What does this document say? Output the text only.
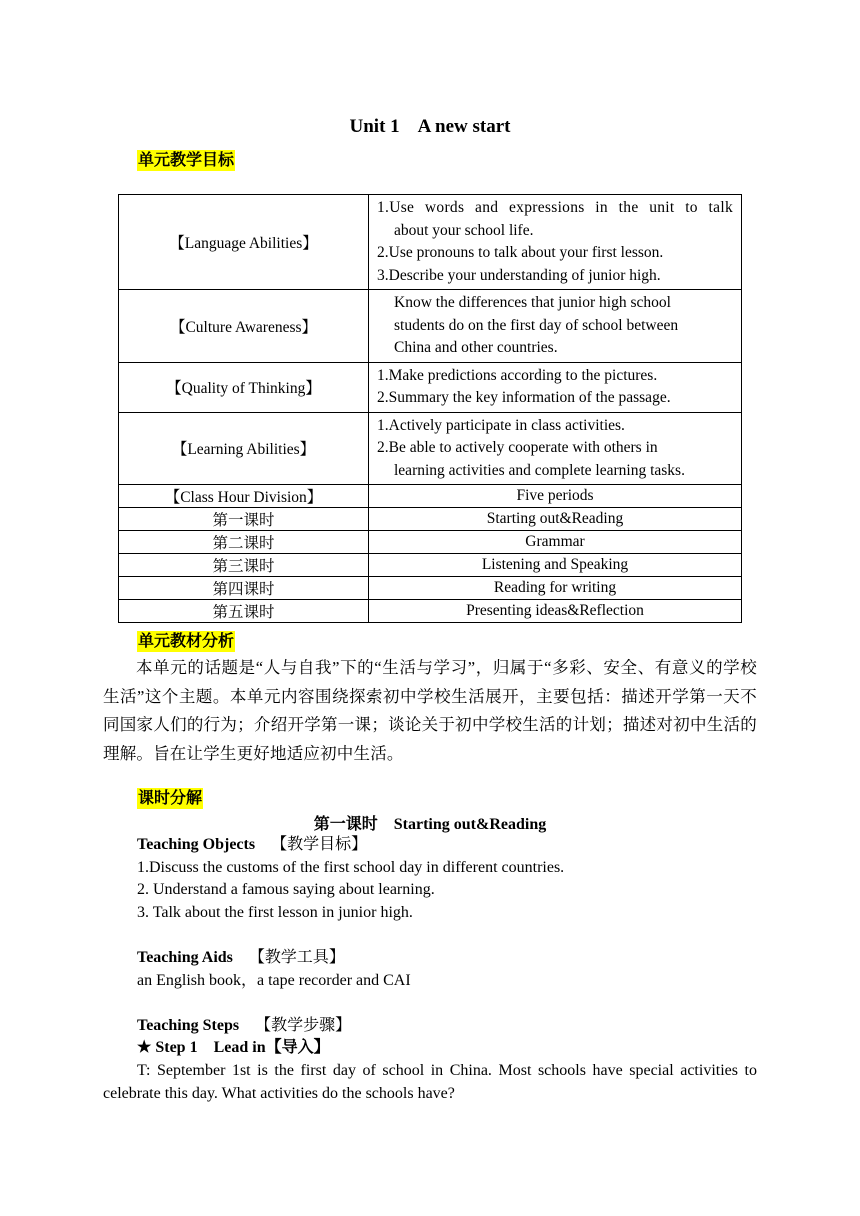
Unit 1    A new start
单元教学目标
【Language Abilities】	1.Use words and expressions in the unit to talk
about your school life.
2.Use pronouns to talk about your first lesson.
3.Describe your understanding of junior high.

【Culture Awareness】	Know the differences that junior high school
students do on the first day of school between
China and other countries.

【Quality of Thinking】	1.Make predictions according to the pictures.
2.Summary the key information of the passage.

【Learning Abilities】	1.Actively participate in class activities.
2.Be able to actively cooperate with others in
learning activities and complete learning tasks.

【Class Hour Division】	Five periods
第一课时	Starting out&Reading
第二课时	Grammar
第三课时	Listening and Speaking
第四课时	Reading for writing
第五课时	Presenting ideas&Reflection
单元教材分析
本单元的话题是“人与自我”下的“生活与学习”，归属于“多彩、安全、有意义的学校生活”这个主题。本单元内容围绕探索初中学校生活展开，主要包括：描述开学第一天不同国家人们的行为；介绍开学第一课；谈论关于初中学校生活的计划；描述对初中生活的理解。旨在让学生更好地适应初中生活。
课时分解
第一课时    Starting out&Reading
Teaching Objects 【教学目标】
1.Discuss the customs of the first school day in different countries.
2. Understand a famous saying about learning.
3. Talk about the first lesson in junior high.
Teaching Aids 【教学工具】
an English book，a tape recorder and CAI
Teaching Steps 【教学步骤】
★ Step 1    Lead in【导入】
T: September 1st is the first day of school in China. Most schools have special activities to celebrate this day. What activities do the schools have?
